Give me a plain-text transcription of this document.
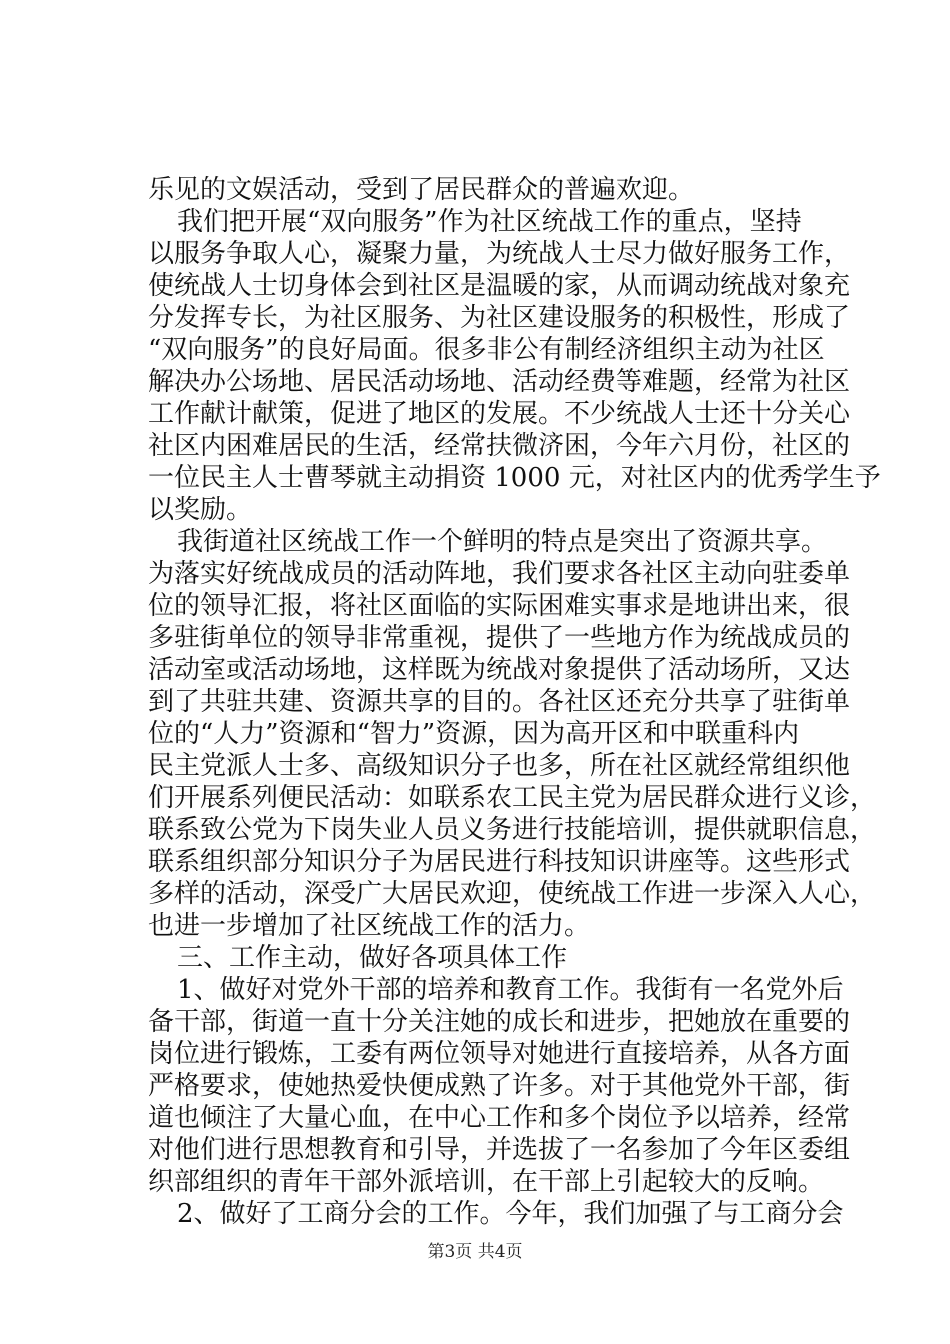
乐见的文娱活动，受到了居民群众的普遍欢迎。
我们把开展“双向服务”作为社区统战工作的重点，坚持
以服务争取人心，凝聚力量，为统战人士尽力做好服务工作，
使统战人士切身体会到社区是温暖的家，从而调动统战对象充
分发挥专长，为社区服务、为社区建设服务的积极性，形成了
“双向服务”的良好局面。很多非公有制经济组织主动为社区
解决办公场地、居民活动场地、活动经费等难题，经常为社区
工作献计献策，促进了地区的发展。不少统战人士还十分关心
社区内困难居民的生活，经常扶微济困，今年六月份，社区的
一位民主人士曹琴就主动捐资 1000 元，对社区内的优秀学生予
以奖励。
我街道社区统战工作一个鲜明的特点是突出了资源共享。
为落实好统战成员的活动阵地，我们要求各社区主动向驻委单
位的领导汇报，将社区面临的实际困难实事求是地讲出来，很
多驻街单位的领导非常重视，提供了一些地方作为统战成员的
活动室或活动场地，这样既为统战对象提供了活动场所，又达
到了共驻共建、资源共享的目的。各社区还充分共享了驻街单
位的“人力”资源和“智力”资源，因为高开区和中联重科内
民主党派人士多、高级知识分子也多，所在社区就经常组织他
们开展系列便民活动：如联系农工民主党为居民群众进行义诊，
联系致公党为下岗失业人员义务进行技能培训，提供就职信息，
联系组织部分知识分子为居民进行科技知识讲座等。这些形式
多样的活动，深受广大居民欢迎，使统战工作进一步深入人心，
也进一步增加了社区统战工作的活力。
三、工作主动，做好各项具体工作
1、做好对党外干部的培养和教育工作。我街有一名党外后
备干部，街道一直十分关注她的成长和进步，把她放在重要的
岗位进行锻炼，工委有两位领导对她进行直接培养，从各方面
严格要求，使她热爱快便成熟了许多。对于其他党外干部，街
道也倾注了大量心血，在中心工作和多个岗位予以培养，经常
对他们进行思想教育和引导，并选拔了一名参加了今年区委组
织部组织的青年干部外派培训，在干部上引起较大的反响。
2、做好了工商分会的工作。今年，我们加强了与工商分会
第3页 共4页
